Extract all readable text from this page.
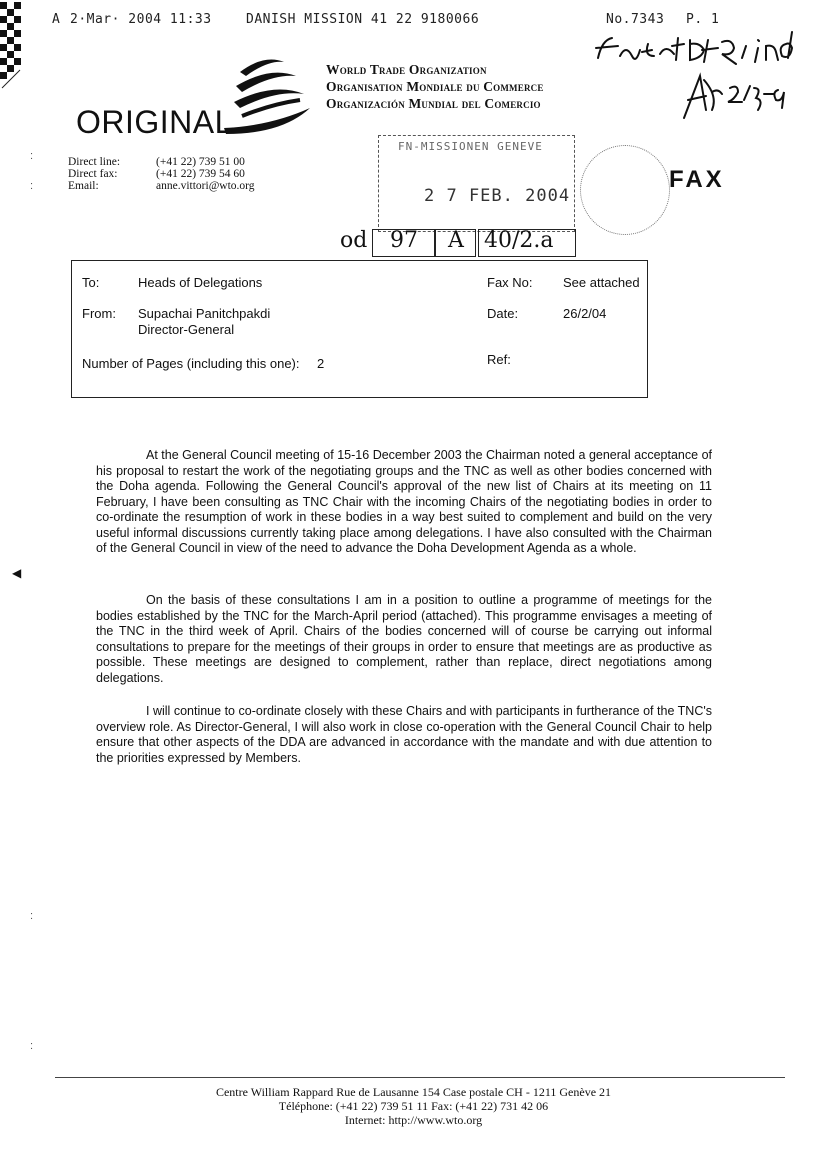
A 2·Mar· 2004 11:33	DANISH MISSION 41 22 9180066	No.7343 P. 1
World Trade Organization
Organisation Mondiale du Commerce
Organización Mundial del Comercio
ORIGINAL
Direct line:	(+41 22) 739 51 00
Direct fax:	(+41 22) 739 54 60
Email:	anne.vittori@wto.org
FN-MISSIONEN GENEVE
2 7 FEB. 2004
FAX
od 97 A 40/2.a
To:	Heads of Delegations
From: Supachai Panitchpakdi
Director-General
Number of Pages (including this one): 2
Fax No: See attached
Date:	26/2/04
Ref:
At the General Council meeting of 15-16 December 2003 the Chairman noted a general acceptance of his proposal to restart the work of the negotiating groups and the TNC as well as other bodies concerned with the Doha agenda. Following the General Council's approval of the new list of Chairs at its meeting on 11 February, I have been consulting as TNC Chair with the incoming Chairs of the negotiating bodies in order to co-ordinate the resumption of work in these bodies in a way best suited to complement and build on the very useful informal discussions currently taking place among delegations. I have also consulted with the Chairman of the General Council in view of the need to advance the Doha Development Agenda as a whole.
On the basis of these consultations I am in a position to outline a programme of meetings for the bodies established by the TNC for the March-April period (attached). This programme envisages a meeting of the TNC in the third week of April. Chairs of the bodies concerned will of course be carrying out informal consultations to prepare for the meetings of their groups in order to ensure that meetings are as productive as possible. These meetings are designed to complement, rather than replace, direct negotiations among delegations.
I will continue to co-ordinate closely with these Chairs and with participants in furtherance of the TNC's overview role. As Director-General, I will also work in close co-operation with the General Council Chair to help ensure that other aspects of the DDA are advanced in accordance with the mandate and with due attention to the priorities expressed by Members.
:
:
◀
:
:
Centre William Rappard Rue de Lausanne 154 Case postale CH - 1211 Genève 21
Téléphone: (+41 22) 739 51 11 Fax: (+41 22) 731 42 06
Internet: http://www.wto.org
